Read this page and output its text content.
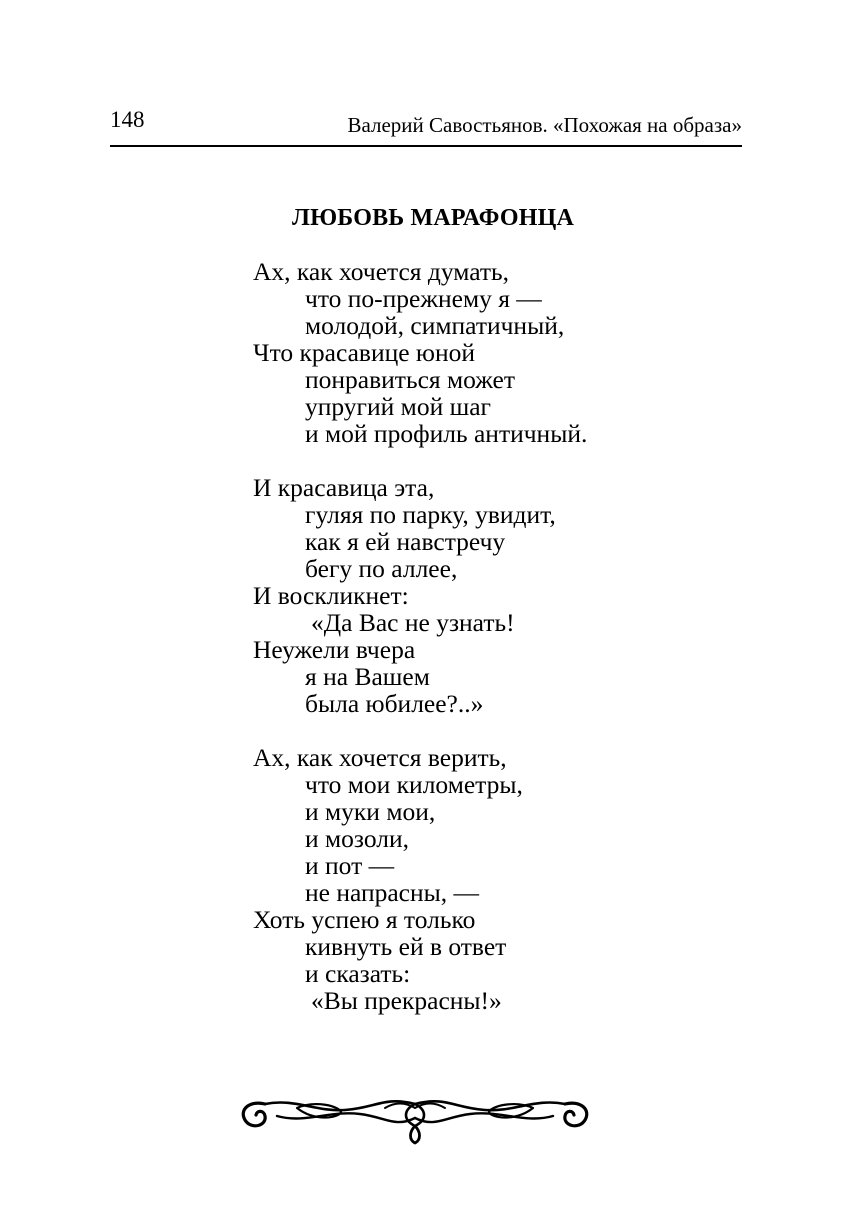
148	Валерий Савостьянов. «Похожая на образа»
ЛЮБОВЬ МАРАФОНЦА
Ах, как хочется думать,
что по-прежнему я —
молодой, симпатичный,
Что красавице юной
понравиться может
упругий мой шаг
и мой профиль античный.
И красавица эта,
гуляя по парку, увидит,
как я ей навстречу
бегу по аллее,
И воскликнет:
«Да Вас не узнать!
Неужели вчера
я на Вашем
была юбилее?..»
Ах, как хочется верить,
что мои километры,
и муки мои,
и мозоли,
и пот —
не напрасны, —
Хоть успею я только
кивнуть ей в ответ
и сказать:
«Вы прекрасны!»
